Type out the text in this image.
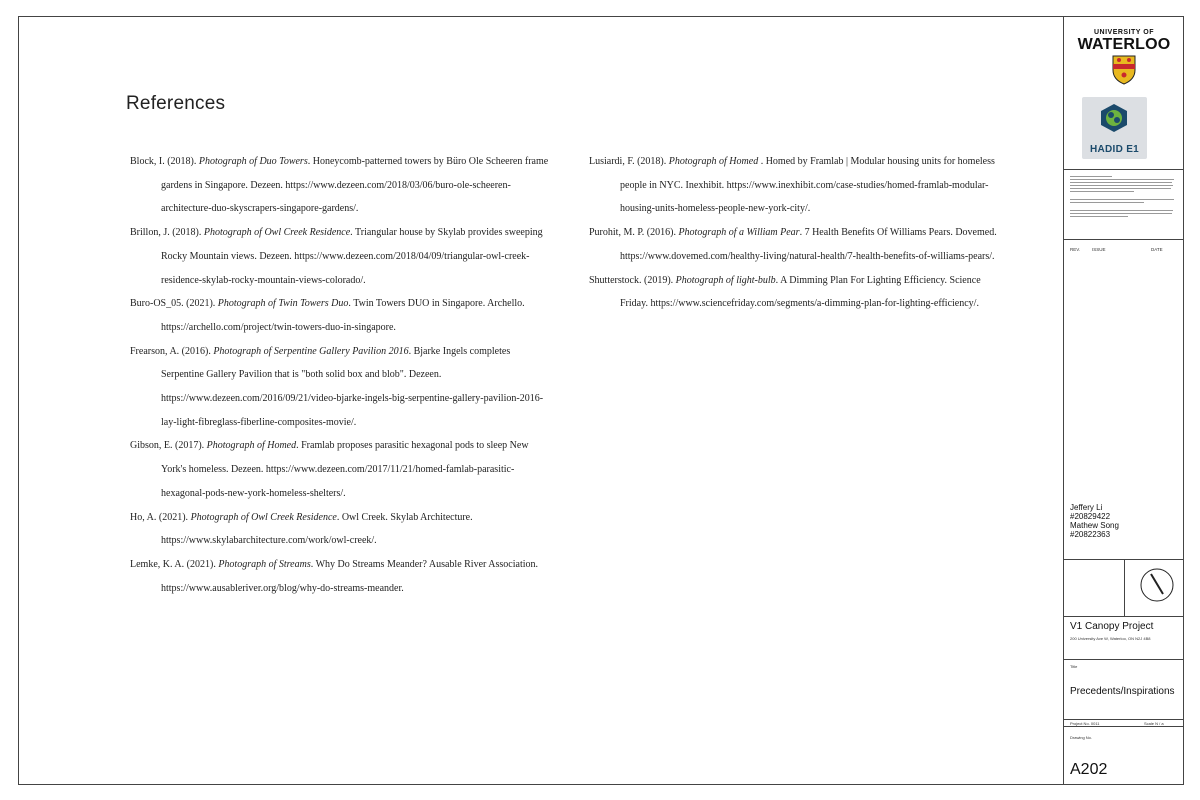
References

Block, I. (2018). Photograph of Duo Towers. Honeycomb-patterned towers by Büro Ole Scheeren frame gardens in Singapore. Dezeen. https://www.dezeen.com/2018/03/06/buro-ole-scheeren-architecture-duo-skyscrapers-singapore-gardens/.

Brillon, J. (2018). Photograph of Owl Creek Residence. Triangular house by Skylab provides sweeping Rocky Mountain views. Dezeen. https://www.dezeen.com/2018/04/09/triangular-owl-creek-residence-skylab-rocky-mountain-views-colorado/.

Buro-OS_05. (2021). Photograph of Twin Towers Duo. Twin Towers DUO in Singapore. Archello. https://archello.com/project/twin-towers-duo-in-singapore.

Frearson, A. (2016). Photograph of Serpentine Gallery Pavilion 2016. Bjarke Ingels completes Serpentine Gallery Pavilion that is "both solid box and blob". Dezeen. https://www.dezeen.com/2016/09/21/video-bjarke-ingels-big-serpentine-gallery-pavilion-2016-lay-light-fibreglass-fiberline-composites-movie/.

Gibson, E. (2017). Photograph of Homed. Framlab proposes parasitic hexagonal pods to sleep New York's homeless. Dezeen. https://www.dezeen.com/2017/11/21/homed-famlab-parasitic-hexagonal-pods-new-york-homeless-shelters/.

Ho, A. (2021). Photograph of Owl Creek Residence. Owl Creek. Skylab Architecture. https://www.skylabarchitecture.com/work/owl-creek/.

Lemke, K. A. (2021). Photograph of Streams. Why Do Streams Meander? Ausable River Association. https://www.ausableriver.org/blog/why-do-streams-meander.

Lusiardi, F. (2018). Photograph of Homed . Homed by Framlab | Modular housing units for homeless people in NYC. Inexhibit. https://www.inexhibit.com/case-studies/homed-framlab-modular-housing-units-homeless-people-new-york-city/.

Purohit, M. P. (2016). Photograph of a William Pear. 7 Health Benefits Of Williams Pears. Dovemed. https://www.dovemed.com/healthy-living/natural-health/7-health-benefits-of-williams-pears/.

Shutterstock. (2019). Photograph of light-bulb. A Dimming Plan For Lighting Efficiency. Science Friday. https://www.sciencefriday.com/segments/a-dimming-plan-for-lighting-efficiency/.

UNIVERSITY OF
WATERLOO
HADID E1
REV.	ISSUE	DATE
Jeffery Li
#20829422
Mathew Song
#20822363
V1 Canopy Project
200 University Ave W, Waterloo, ON N2J 4B8
Title
Precedents/Inspirations
Project No. 0011	Scale N / a
Drawing No.
A202
